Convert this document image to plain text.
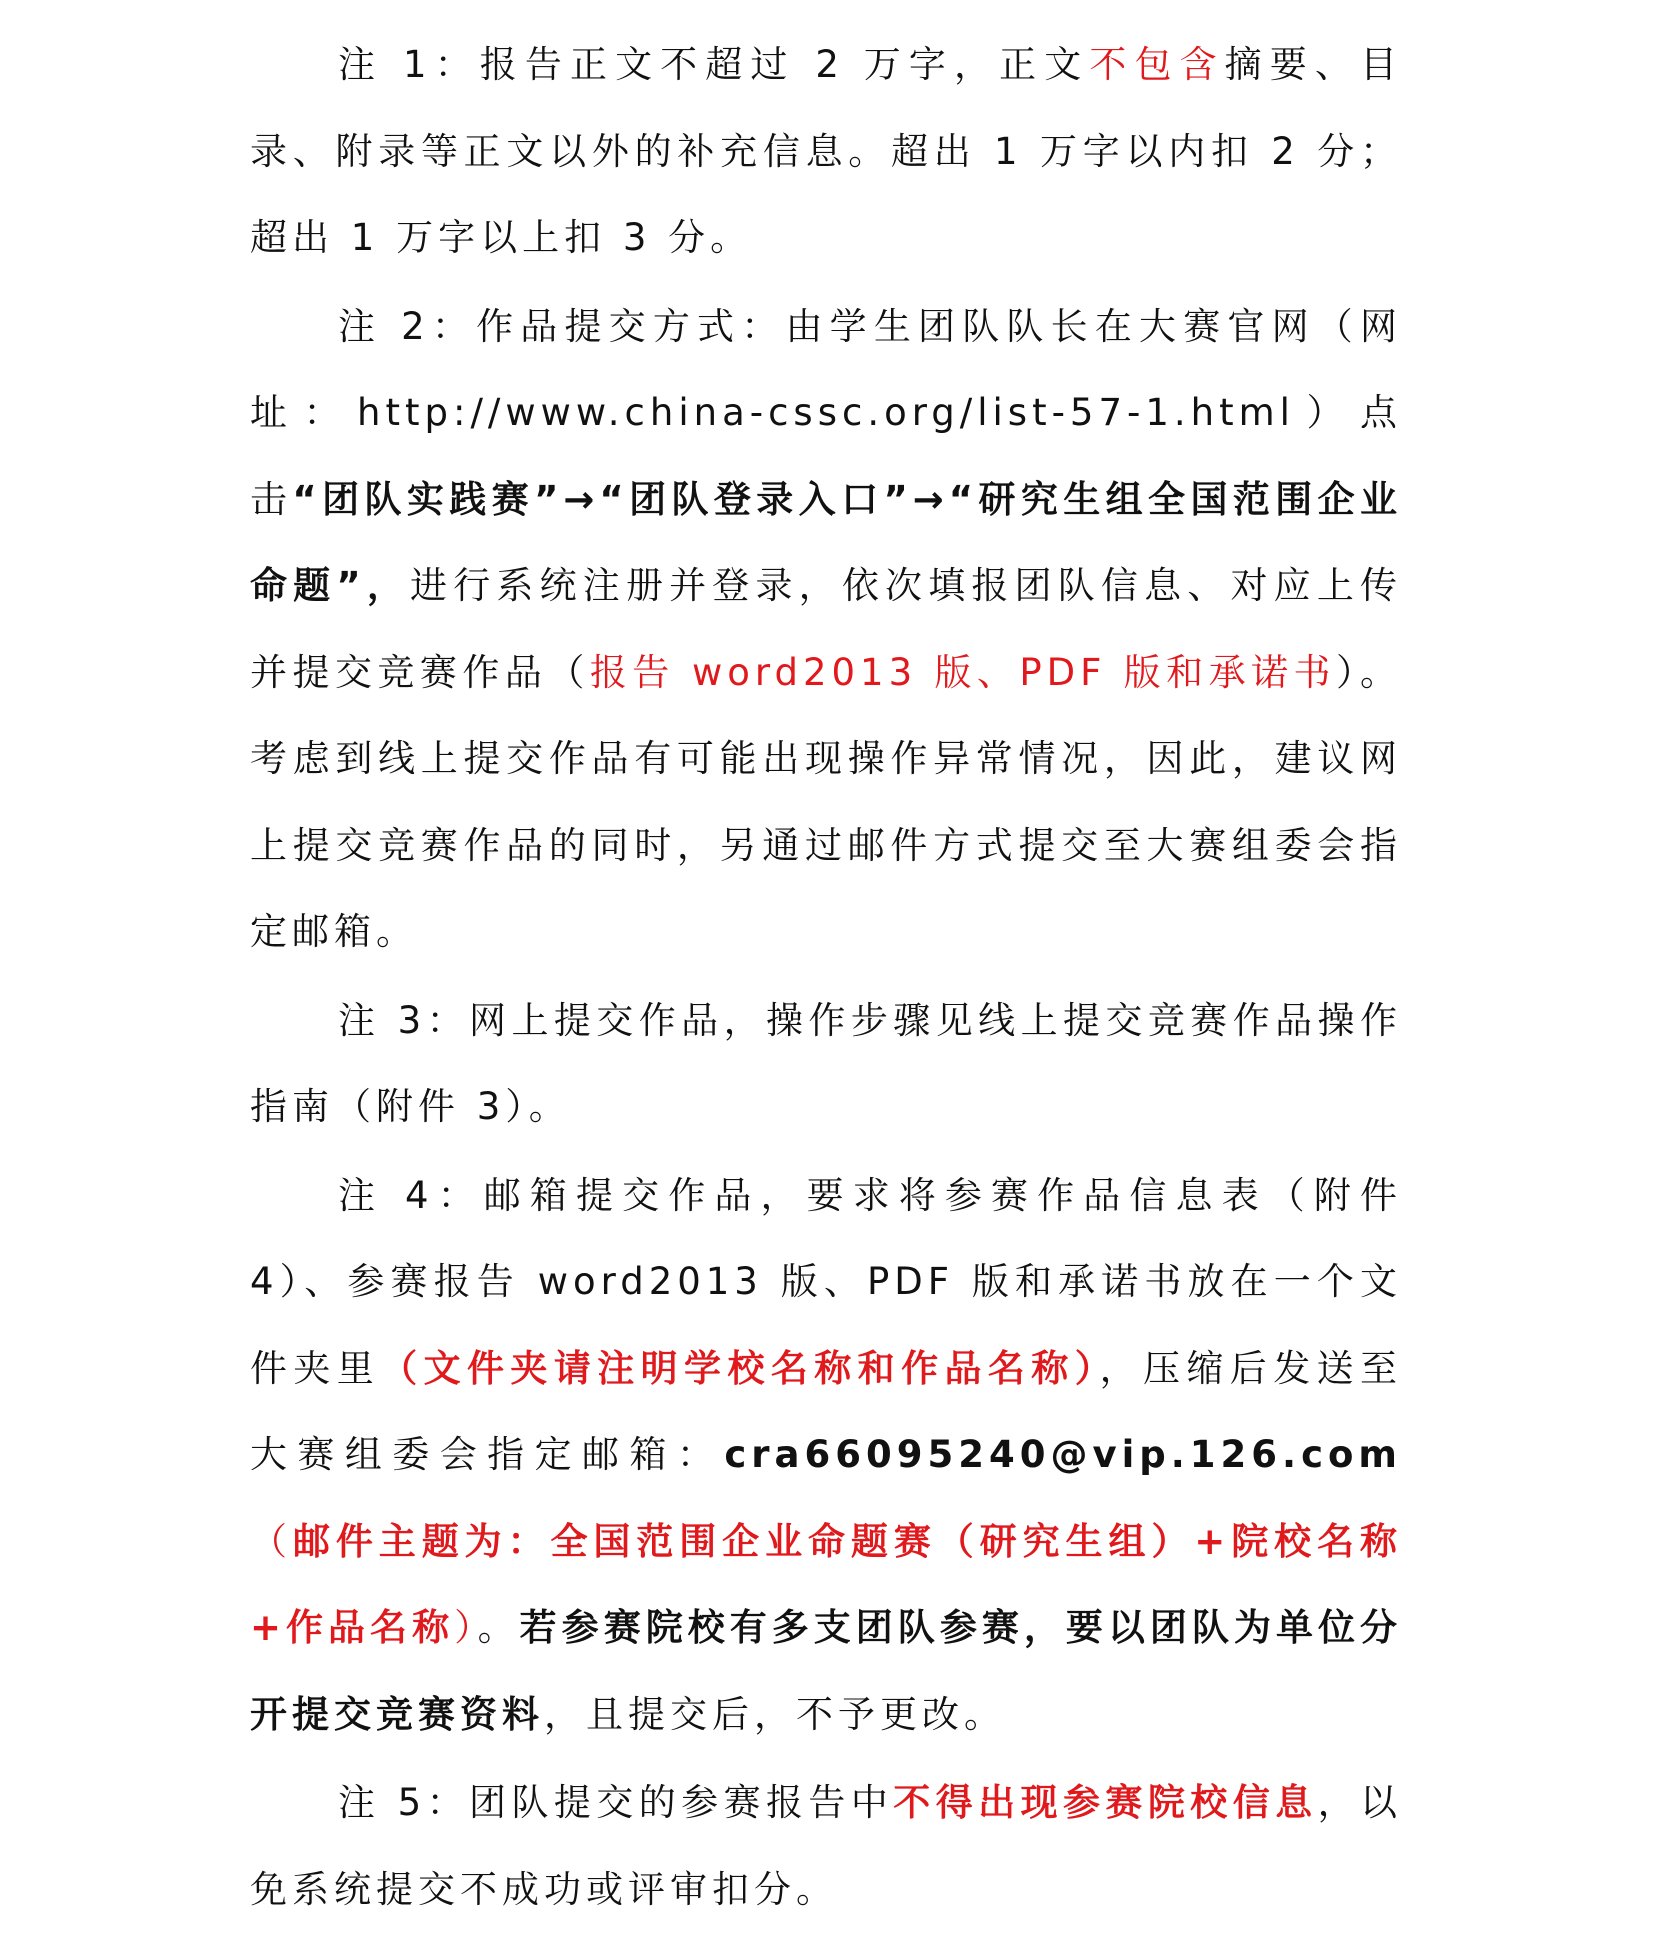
注 1：报告正文不超过 2 万字，正文不包含摘要、目录、附录等正文以外的补充信息。超出 1 万字以内扣 2 分；超出 1 万字以上扣 3 分。

注 2：作品提交方式：由学生团队队长在大赛官网（网址：http://www.china-cssc.org/list-57-1.html）点击“团队实践赛”→“团队登录入口”→“研究生组全国范围企业命题”，进行系统注册并登录，依次填报团队信息、对应上传并提交竞赛作品（报告 word2013 版、PDF 版和承诺书）。考虑到线上提交作品有可能出现操作异常情况，因此，建议网上提交竞赛作品的同时，另通过邮件方式提交至大赛组委会指定邮箱。

注 3：网上提交作品，操作步骤见线上提交竞赛作品操作指南（附件 3）。

注 4：邮箱提交作品，要求将参赛作品信息表（附件 4）、参赛报告 word2013 版、PDF 版和承诺书放在一个文件夹里（文件夹请注明学校名称和作品名称），压缩后发送至大赛组委会指定邮箱：cra66095240@vip.126.com（邮件主题为：全国范围企业命题赛（研究生组）+院校名称+作品名称）。若参赛院校有多支团队参赛，要以团队为单位分开提交竞赛资料，且提交后，不予更改。

注 5：团队提交的参赛报告中不得出现参赛院校信息，以免系统提交不成功或评审扣分。
